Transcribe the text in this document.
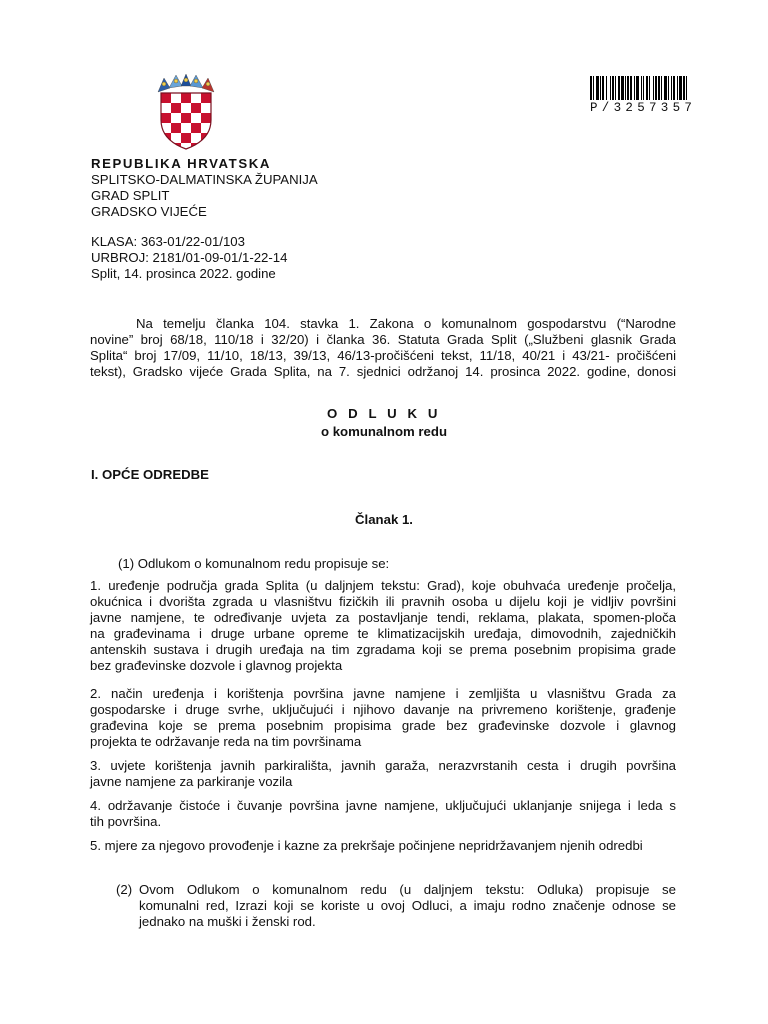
P/3257357
REPUBLIKA HRVATSKA
SPLITSKO-DALMATINSKA ŽUPANIJA
GRAD SPLIT
GRADSKO VIJEĆE
KLASA: 363-01/22-01/103
URBROJ: 2181/01-09-01/1-22-14
Split, 14. prosinca 2022. godine
Na temelju članka 104. stavka 1. Zakona o komunalnom gospodarstvu (“Narodne
novine” broj 68/18, 110/18 i 32/20) i članka 36. Statuta Grada Split („Službeni glasnik Grada
Splita“ broj 17/09, 11/10, 18/13, 39/13, 46/13-pročišćeni tekst, 11/18, 40/21 i 43/21- pročišćeni
tekst), Gradsko vijeće Grada Splita, na 7. sjednici održanoj 14. prosinca 2022. godine, donosi
O D L U K U
o komunalnom redu
I. OPĆE ODREDBE
Članak 1.
(1) Odlukom o komunalnom redu propisuje se:
1. uređenje područja grada Splita (u daljnjem tekstu: Grad), koje obuhvaća uređenje pročelja,
okućnica i dvorišta zgrada u vlasništvu fizičkih ili pravnih osoba u dijelu koji je vidljiv površini
javne namjene, te određivanje uvjeta za postavljanje tendi, reklama, plakata, spomen-ploča
na građevinama i druge urbane opreme te klimatizacijskih uređaja, dimovodnih, zajedničkih
antenskih sustava i drugih uređaja na tim zgradama koji se prema posebnim propisima grade
bez građevinske dozvole i glavnog projekta
2. način uređenja i korištenja površina javne namjene i zemljišta u vlasništvu Grada za
gospodarske i druge svrhe, uključujući i njihovo davanje na privremeno korištenje, građenje
građevina koje se prema posebnim propisima grade bez građevinske dozvole i glavnog
projekta te održavanje reda na tim površinama
3. uvjete korištenja javnih parkirališta, javnih garaža, nerazvrstanih cesta i drugih površina
javne namjene za parkiranje vozila
4. održavanje čistoće i čuvanje površina javne namjene, uključujući uklanjanje snijega i leda s
tih površina.
5. mjere za njegovo provođenje i kazne za prekršaje počinjene nepridržavanjem njenih odredbi
(2) Ovom Odlukom o komunalnom redu (u daljnjem tekstu: Odluka) propisuje se
komunalni red, Izrazi koji se koriste u ovoj Odluci, a imaju rodno značenje odnose se
jednako na muški i ženski rod.
